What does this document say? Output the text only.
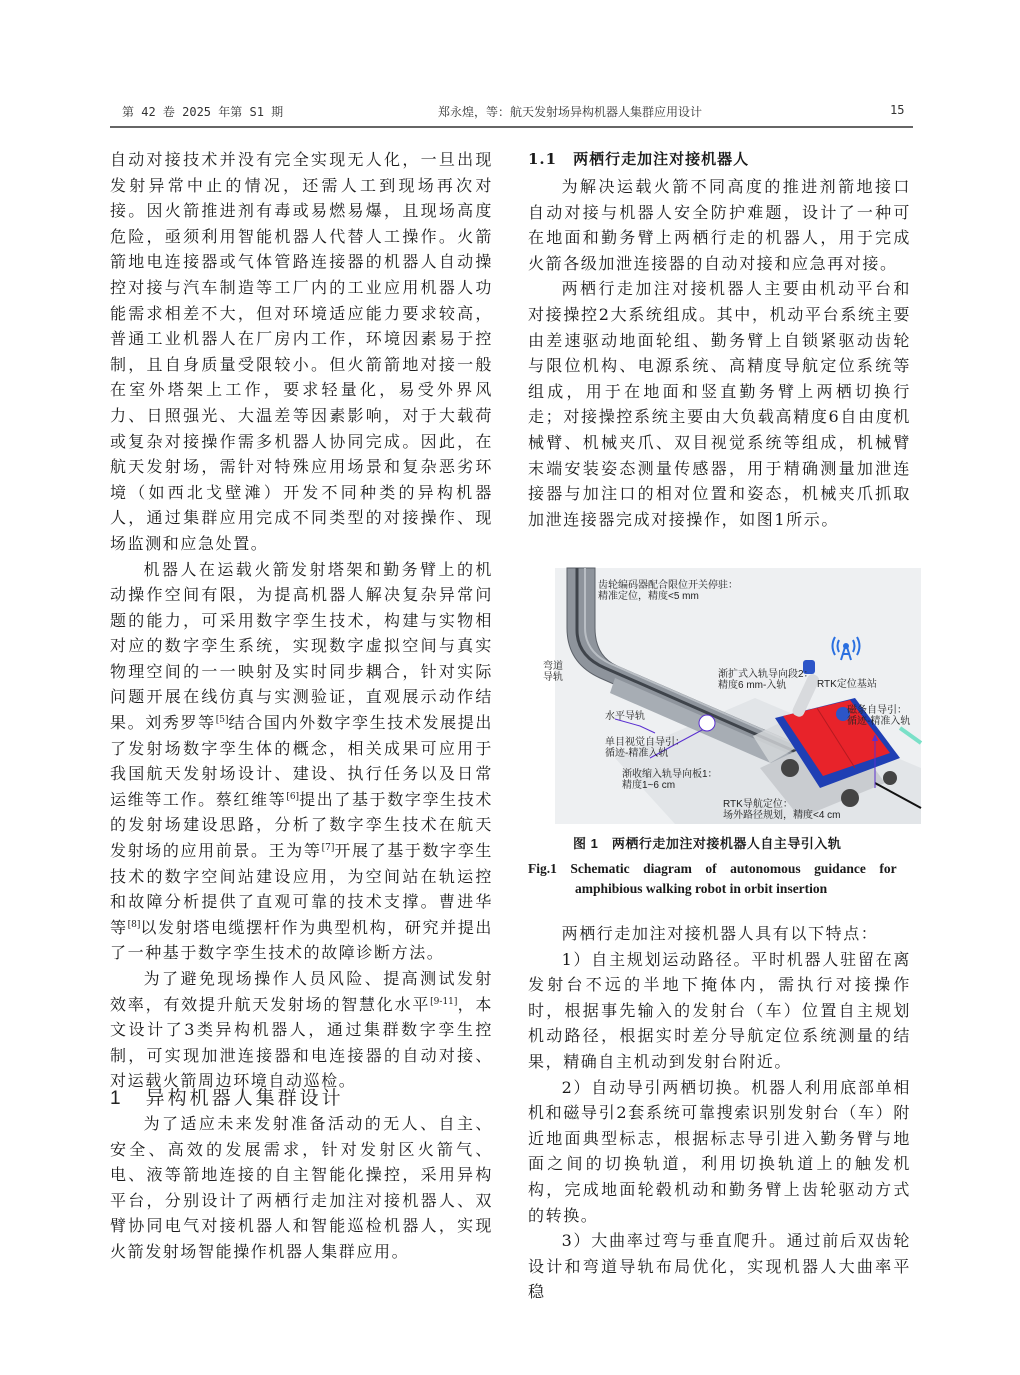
第 42 卷 2025 年第 S1 期	郑永煌，等：航天发射场异构机器人集群应用设计	15

自动对接技术并没有完全实现无人化，一旦出现发射异常中止的情况，还需人工到现场再次对接。因火箭推进剂有毒或易燃易爆，且现场高度危险，亟须利用智能机器人代替人工操作。火箭箭地电连接器或气体管路连接器的机器人自动操控对接与汽车制造等工厂内的工业应用机器人功能需求相差不大，但对环境适应能力要求较高，普通工业机器人在厂房内工作，环境因素易于控制，且自身质量受限较小。但火箭箭地对接一般在室外塔架上工作，要求轻量化，易受外界风力、日照强光、大温差等因素影响，对于大载荷或复杂对接操作需多机器人协同完成。因此，在航天发射场，需针对特殊应用场景和复杂恶劣环境（如西北戈壁滩）开发不同种类的异构机器人，通过集群应用完成不同类型的对接操作、现场监测和应急处置。

机器人在运载火箭发射塔架和勤务臂上的机动操作空间有限，为提高机器人解决复杂异常问题的能力，可采用数字孪生技术，构建与实物相对应的数字孪生系统，实现数字虚拟空间与真实物理空间的一一映射及实时同步耦合，针对实际问题开展在线仿真与实测验证，直观展示动作结果。刘秀罗等[5]结合国内外数字孪生技术发展提出了发射场数字孪生体的概念，相关成果可应用于我国航天发射场设计、建设、执行任务以及日常运维等工作。蔡红维等[6]提出了基于数字孪生技术的发射场建设思路，分析了数字孪生技术在航天发射场的应用前景。王为等[7]开展了基于数字孪生技术的数字空间站建设应用，为空间站在轨运控和故障分析提供了直观可靠的技术支撑。曹进华等[8]以发射塔电缆摆杆作为典型机构，研究并提出了一种基于数字孪生技术的故障诊断方法。

为了避免现场操作人员风险、提高测试发射效率，有效提升航天发射场的智慧化水平[9-11]，本文设计了3类异构机器人，通过集群数字孪生控制，可实现加泄连接器和电连接器的自动对接、对运载火箭周边环境自动巡检。

1　异构机器人集群设计

为了适应未来发射准备活动的无人、自主、安全、高效的发展需求，针对发射区火箭气、电、液等箭地连接的自主智能化操控，采用异构平台，分别设计了两栖行走加注对接机器人、双臂协同电气对接机器人和智能巡检机器人，实现火箭发射场智能操作机器人集群应用。

1.1　两栖行走加注对接机器人

为解决运载火箭不同高度的推进剂箭地接口自动对接与机器人安全防护难题，设计了一种可在地面和勤务臂上两栖行走的机器人，用于完成火箭各级加泄连接器的自动对接和应急再对接。

两栖行走加注对接机器人主要由机动平台和对接操控2大系统组成。其中，机动平台系统主要由差速驱动地面轮组、勤务臂上自锁紧驱动齿轮与限位机构、电源系统、高精度导航定位系统等组成，用于在地面和竖直勤务臂上两栖切换行走；对接操控系统主要由大负载高精度6自由度机械臂、机械夹爪、双目视觉系统等组成，机械臂末端安装姿态测量传感器，用于精确测量加泄连接器与加注口的相对位置和姿态，机械夹爪抓取加泄连接器完成对接操作，如图1所示。

齿轮编码器配合限位开关停驻：
精准定位，精度<5 mm
弯道
导轨	渐扩式入轨导向段2：
精度6 mm-入轨	RTK定位基站
磁条自导引：
循迹-精准入轨
水平导轨
单目视觉自导引：
循迹-精准入轨
渐收缩入轨导向板1：
精度1~6 cm
RTK导航定位：
场外路径规划，精度<4 cm
图 1　两栖行走加注对接机器人自主导引入轨
Fig.1　Schematic　diagram　of　autonomous　guidance　for
amphibious walking robot in orbit insertion

两栖行走加注对接机器人具有以下特点：

1）自主规划运动路径。平时机器人驻留在离发射台不远的半地下掩体内，需执行对接操作时，根据事先输入的发射台（车）位置自主规划机动路径，根据实时差分导航定位系统测量的结果，精确自主机动到发射台附近。

2）自动导引两栖切换。机器人利用底部单相机和磁导引2套系统可靠搜索识别发射台（车）附近地面典型标志，根据标志导引进入勤务臂与地面之间的切换轨道，利用切换轨道上的触发机构，完成地面轮毂机动和勤务臂上齿轮驱动方式的转换。

3）大曲率过弯与垂直爬升。通过前后双齿轮设计和弯道导轨布局优化，实现机器人大曲率平稳
